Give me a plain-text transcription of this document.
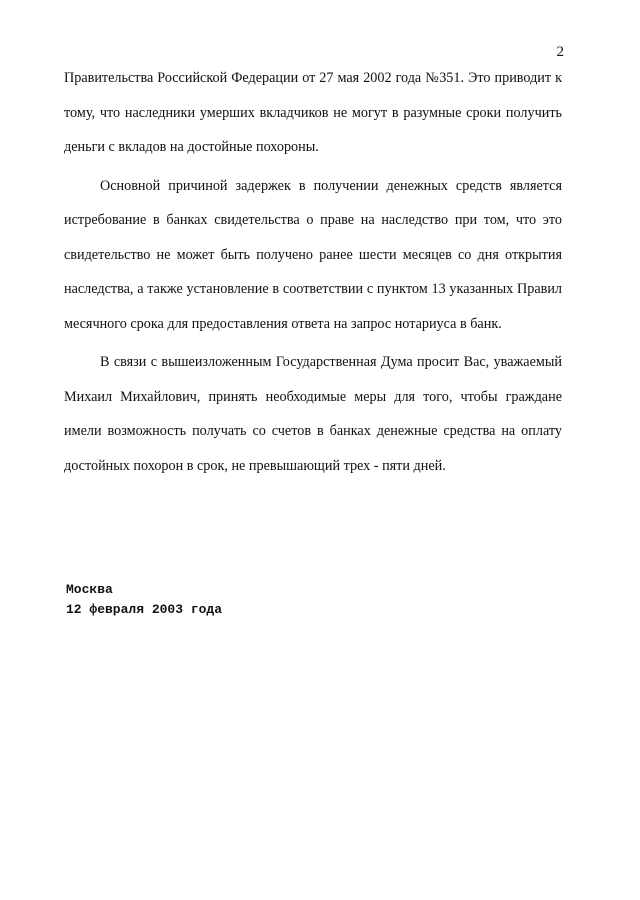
2

Правительства Российской Федерации от 27 мая 2002 года №351. Это приводит к тому, что наследники умерших вкладчиков не могут в разумные сроки получить деньги с вкладов на достойные похороны.

Основной причиной задержек в получении денежных средств является истребование в банках свидетельства о праве на наследство при том, что это свидетельство не может быть получено ранее шести месяцев со дня открытия наследства, а также установление в соответствии с пунктом 13 указанных Правил месячного срока для предоставления ответа на запрос нотариуса в банк.

В связи с вышеизложенным Государственная Дума просит Вас, уважаемый Михаил Михайлович, принять необходимые меры для того, чтобы граждане имели возможность получать со счетов в банках денежные средства на оплату достойных похорон в срок, не превышающий трех - пяти дней.

Москва
12 февраля 2003 года
